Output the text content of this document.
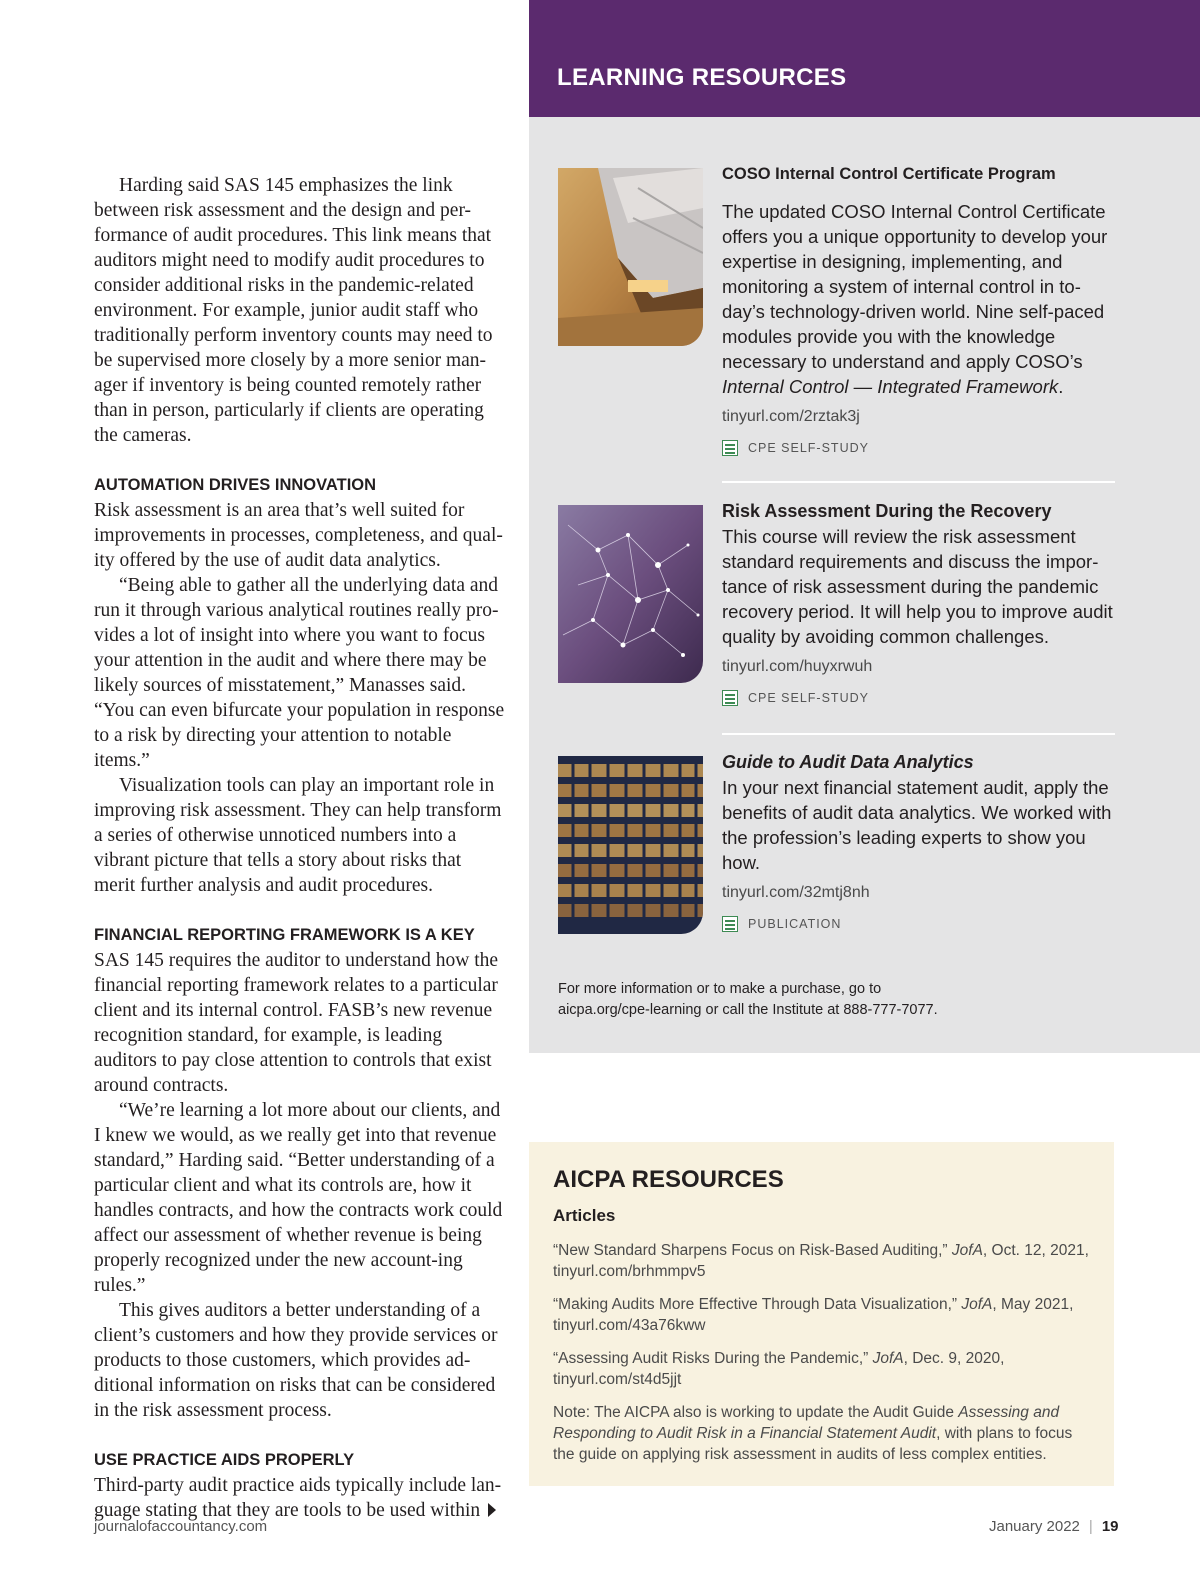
Harding said SAS 145 emphasizes the link between risk assessment and the design and per-formance of audit procedures. This link means that auditors might need to modify audit procedures to consider additional risks in the pandemic-related environment. For example, junior audit staff who traditionally perform inventory counts may need to be supervised more closely by a more senior man-ager if inventory is being counted remotely rather than in person, particularly if clients are operating the cameras.

AUTOMATION DRIVES INNOVATION

Risk assessment is an area that’s well suited for improvements in processes, completeness, and qual-ity offered by the use of audit data analytics.

“Being able to gather all the underlying data and run it through various analytical routines really pro-vides a lot of insight into where you want to focus your attention in the audit and where there may be likely sources of misstatement,” Manasses said. “You can even bifurcate your population in response to a risk by directing your attention to notable items.”

Visualization tools can play an important role in improving risk assessment. They can help transform a series of otherwise unnoticed numbers into a vibrant picture that tells a story about risks that merit further analysis and audit procedures.

FINANCIAL REPORTING FRAMEWORK IS A KEY

SAS 145 requires the auditor to understand how the financial reporting framework relates to a particular client and its internal control. FASB’s new revenue recognition standard, for example, is leading auditors to pay close attention to controls that exist around contracts.

“We’re learning a lot more about our clients, and I knew we would, as we really get into that revenue standard,” Harding said. “Better understanding of a particular client and what its controls are, how it handles contracts, and how the contracts work could affect our assessment of whether revenue is being properly recognized under the new account-ing rules.”

This gives auditors a better understanding of a client’s customers and how they provide services or products to those customers, which provides ad-ditional information on risks that can be considered in the risk assessment process.

USE PRACTICE AIDS PROPERLY

Third-party audit practice aids typically include lan-guage stating that they are tools to be used within

LEARNING RESOURCES

COSO Internal Control Certificate Program

The updated COSO Internal Control Certificate offers you a unique opportunity to develop your expertise in designing, implementing, and monitoring a system of internal control in to-day’s technology-driven world. Nine self-paced modules provide you with the knowledge necessary to understand and apply COSO’s Internal Control — Integrated Framework.

tinyurl.com/2rztak3j

CPE SELF-STUDY

Risk Assessment During the Recovery

This course will review the risk assessment standard requirements and discuss the impor-tance of risk assessment during the pandemic recovery period. It will help you to improve audit quality by avoiding common challenges.

tinyurl.com/huyxrwuh

CPE SELF-STUDY

Guide to Audit Data Analytics

In your next financial statement audit, apply the benefits of audit data analytics. We worked with the profession’s leading experts to show you how.

tinyurl.com/32mtj8nh

PUBLICATION
For more information or to make a purchase, go to
aicpa.org/cpe-learning or call the Institute at 888-777-7077.
AICPA RESOURCES
Articles

“New Standard Sharpens Focus on Risk-Based Auditing,” JofA, Oct. 12, 2021, tinyurl.com/brhmmpv5

“Making Audits More Effective Through Data Visualization,” JofA, May 2021, tinyurl.com/43a76kww

“Assessing Audit Risks During the Pandemic,” JofA, Dec. 9, 2020, tinyurl.com/st4d5jjt

Note: The AICPA also is working to update the Audit Guide Assessing and Responding to Audit Risk in a Financial Statement Audit, with plans to focus the guide on applying risk assessment in audits of less complex entities.

journalofaccountancy.com	January 2022 | 19
